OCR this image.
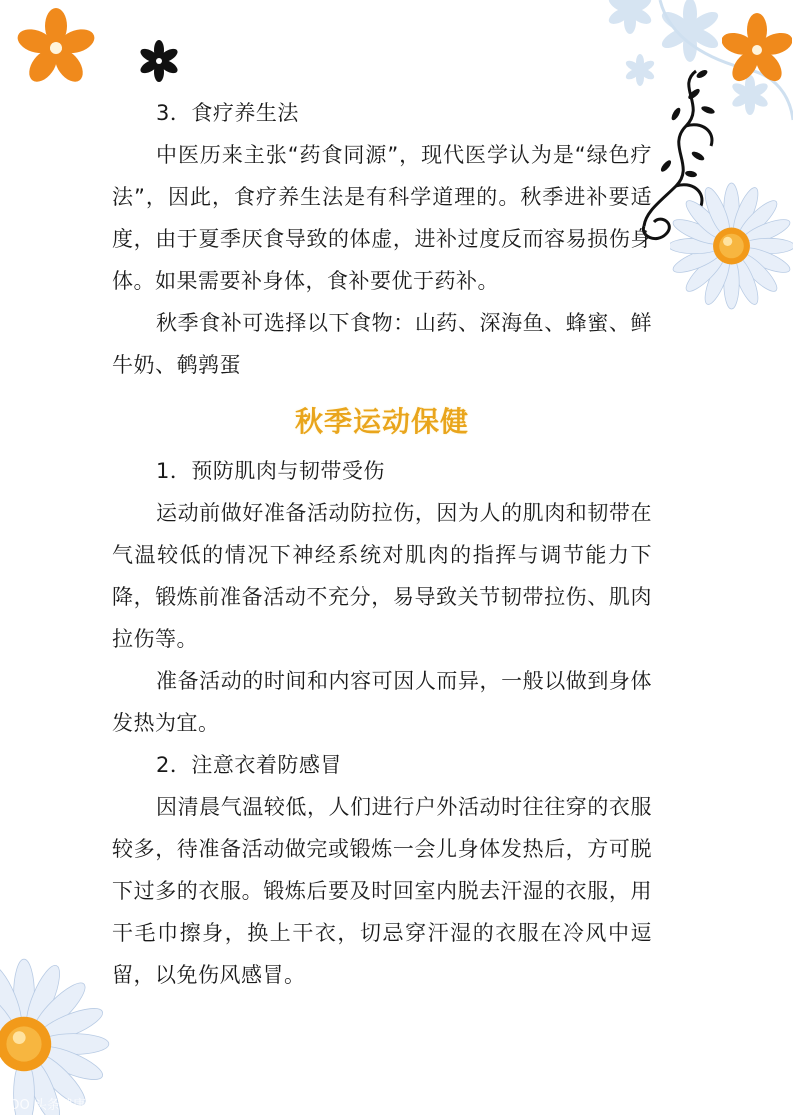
3．食疗养生法

中医历来主张“药食同源”，现代医学认为是“绿色疗法”，因此，食疗养生法是有科学道理的。秋季进补要适度，由于夏季厌食导致的体虚，进补过度反而容易损伤身体。如果需要补身体，食补要优于药补。

秋季食补可选择以下食物：山药、深海鱼、蜂蜜、鲜牛奶、鹌鹑蛋

秋季运动保健

1．预防肌肉与韧带受伤

运动前做好准备活动防拉伤，因为人的肌肉和韧带在气温较低的情况下神经系统对肌肉的指挥与调节能力下降，锻炼前准备活动不充分，易导致关节韧带拉伤、肌肉拉伤等。

准备活动的时间和内容可因人而异，一般以做到身体发热为宜。

2．注意衣着防感冒

因清晨气温较低，人们进行户外活动时往往穿的衣服较多，待准备活动做完或锻炼一会儿身体发热后，方可脱下过多的衣服。锻炼后要及时回室内脱去汗湿的衣服，用干毛巾擦身，换上干衣，切忌穿汗湿的衣服在冷风中逗留，以免伤风感冒。

YOO 头条健康
